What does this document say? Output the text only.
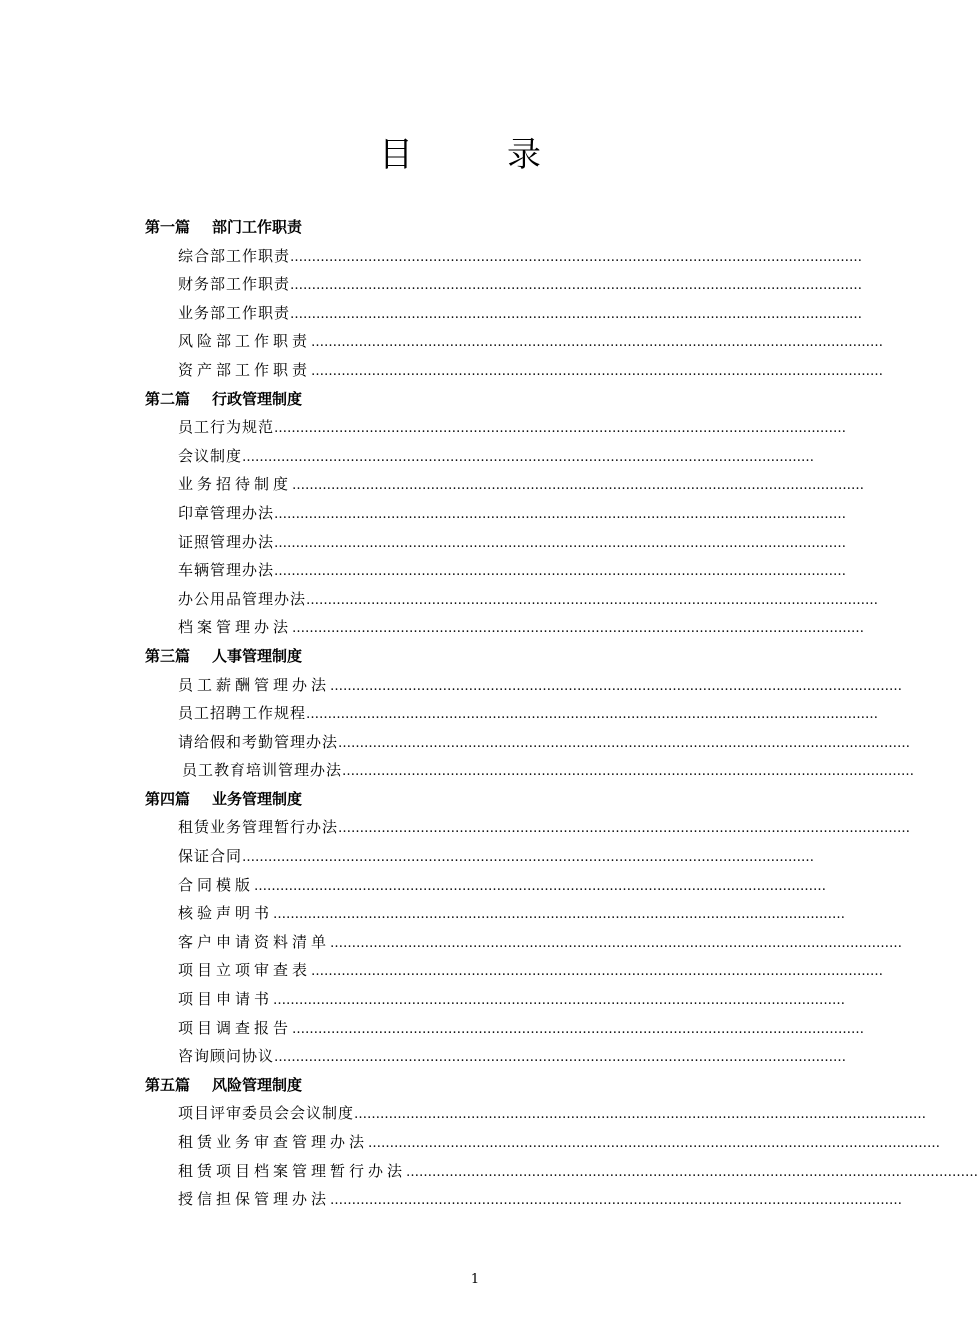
目　录
第一篇 部门工作职责
综合部工作职责 ……………………………………………………………………………………………………………………
财务部工作职责 ……………………………………………………………………………………………………………………
业务部工作职责 ……………………………………………………………………………………………………………………
风险部工作职责 ……………………………………………………………………………………………………………………
资产部工作职责 ……………………………………………………………………………………………………………………
第二篇 行政管理制度
员工行为规范 ……………………………………………………………………………………………………………………
会议制度 ……………………………………………………………………………………………………………………
业务招待制度 ……………………………………………………………………………………………………………………
印章管理办法 ……………………………………………………………………………………………………………………
证照管理办法 ……………………………………………………………………………………………………………………
车辆管理办法 ……………………………………………………………………………………………………………………
办公用品管理办法 ……………………………………………………………………………………………………………………
档案管理办法 ……………………………………………………………………………………………………………………
第三篇 人事管理制度
员工薪酬管理办法 ……………………………………………………………………………………………………………………
员工招聘工作规程 ……………………………………………………………………………………………………………………
请给假和考勤管理办法 ……………………………………………………………………………………………………………………
员工教育培训管理办法 ……………………………………………………………………………………………………………………
第四篇 业务管理制度
租赁业务管理暂行办法 ……………………………………………………………………………………………………………………
保证合同 ……………………………………………………………………………………………………………………
合同模版 ……………………………………………………………………………………………………………………
核验声明书 ……………………………………………………………………………………………………………………
客户申请资料清单 ……………………………………………………………………………………………………………………
项目立项审查表 ……………………………………………………………………………………………………………………
项目申请书 ……………………………………………………………………………………………………………………
项目调查报告 ……………………………………………………………………………………………………………………
咨询顾问协议 ……………………………………………………………………………………………………………………
第五篇 风险管理制度
项目评审委员会会议制度 ……………………………………………………………………………………………………………………
租赁业务审查管理办法 ……………………………………………………………………………………………………………………
租赁项目档案管理暂行办法 ……………………………………………………………………………………………………………………
授信担保管理办法 ……………………………………………………………………………………………………………………
1
